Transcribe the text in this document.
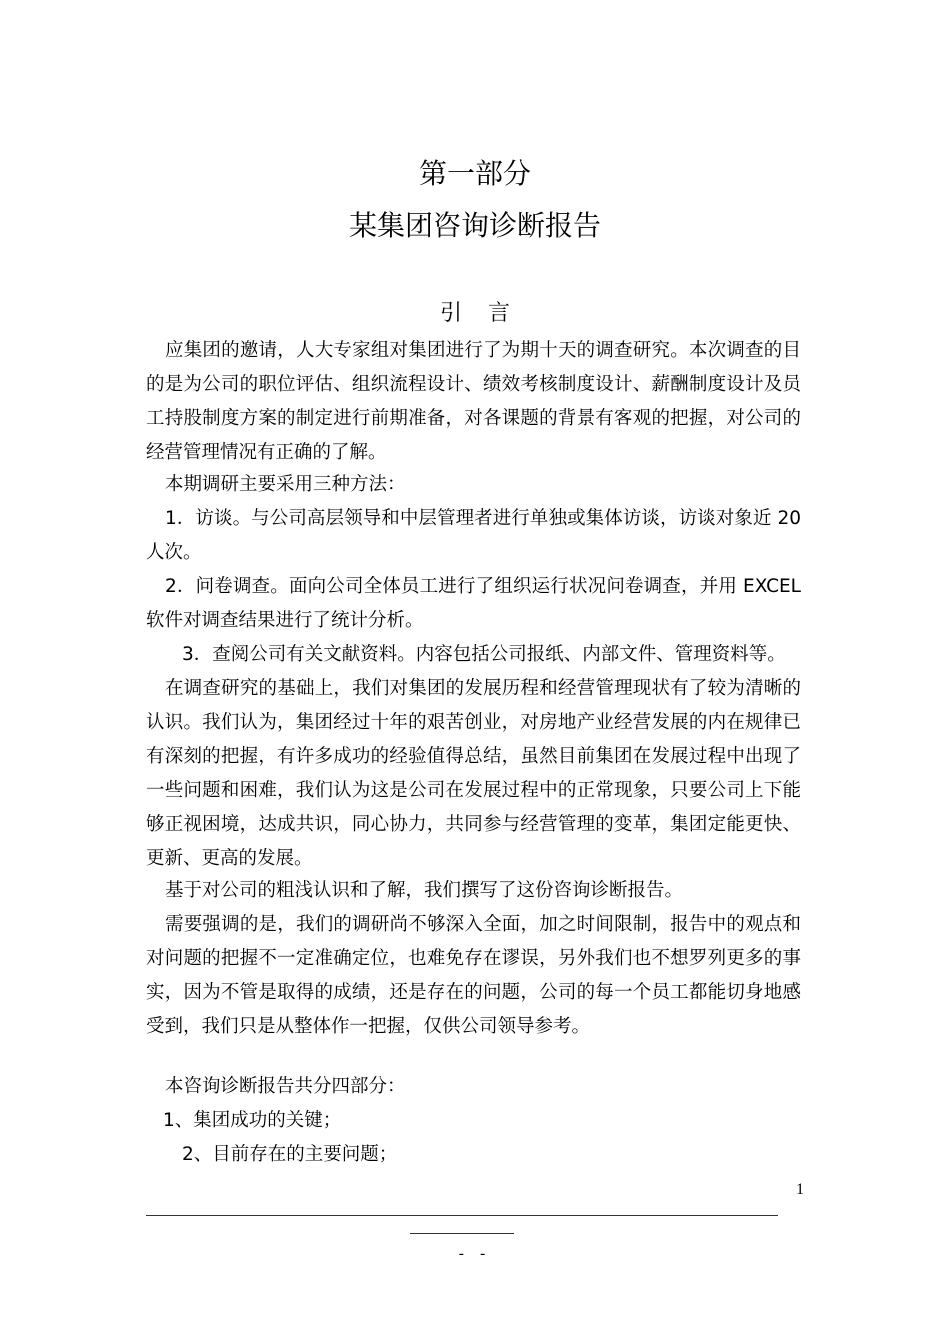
第一部分
某集团咨询诊断报告
引言

应集团的邀请，人大专家组对集团进行了为期十天的调查研究。本次调查的目的是为公司的职位评估、组织流程设计、绩效考核制度设计、薪酬制度设计及员工持股制度方案的制定进行前期准备，对各课题的背景有客观的把握，对公司的经营管理情况有正确的了解。

本期调研主要采用三种方法：

1．访谈。与公司高层领导和中层管理者进行单独或集体访谈，访谈对象近 20 人次。

2．问卷调查。面向公司全体员工进行了组织运行状况问卷调查，并用 EXCEL 软件对调查结果进行了统计分析。

3．查阅公司有关文献资料。内容包括公司报纸、内部文件、管理资料等。

在调查研究的基础上，我们对集团的发展历程和经营管理现状有了较为清晰的认识。我们认为，集团经过十年的艰苦创业，对房地产业经营发展的内在规律已有深刻的把握，有许多成功的经验值得总结，虽然目前集团在发展过程中出现了一些问题和困难，我们认为这是公司在发展过程中的正常现象，只要公司上下能够正视困境，达成共识，同心协力，共同参与经营管理的变革，集团定能更快、更新、更高的发展。

基于对公司的粗浅认识和了解，我们撰写了这份咨询诊断报告。

需要强调的是，我们的调研尚不够深入全面，加之时间限制，报告中的观点和对问题的把握不一定准确定位，也难免存在谬误，另外我们也不想罗列更多的事实，因为不管是取得的成绩，还是存在的问题，公司的每一个员工都能切身地感受到，我们只是从整体作一把握，仅供公司领导参考。

本咨询诊断报告共分四部分：

1、集团成功的关键；

2、目前存在的主要问题；

1

- -
